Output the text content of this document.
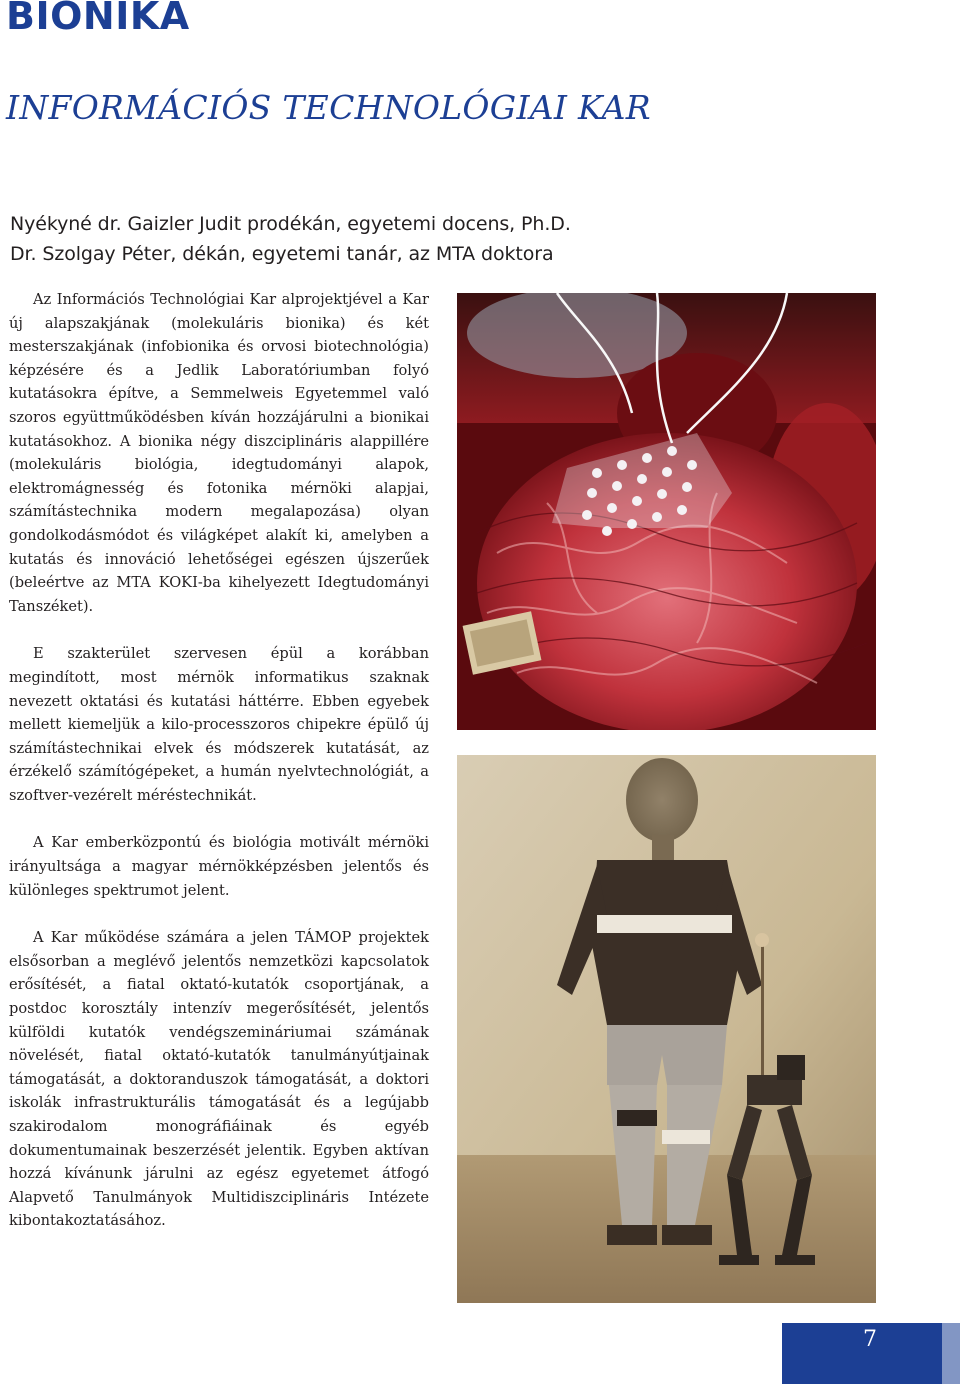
BIONIKA
INFORMÁCIÓS TECHNOLÓGIAI KAR
Nyékyné dr. Gaizler Judit prodékán, egyetemi docens, Ph.D.
Dr. Szolgay Péter, dékán, egyetemi tanár, az MTA doktora

Az Információs Technológiai Kar alprojektjével a Kar új alapszakjának (molekuláris bionika) és két mesterszakjának (infobionika és orvosi biotechnológia) képzésére és a Jedlik Laboratóriumban folyó kutatásokra építve, a Semmelweis Egyetemmel való szoros együttműködésben kíván hozzájárulni a bionikai kutatásokhoz. A bionika négy diszciplináris alappillére (molekuláris biológia, idegtudományi alapok, elektromágnesség és fotonika mérnöki alapjai, számítástechnika modern megalapozása) olyan gondolkodásmódot és világképet alakít ki, amelyben a kutatás és innováció lehetőségei egészen újszerűek (beleértve az MTA KOKI-ba kihelyezett Idegtudományi Tanszéket).

E szakterület szervesen épül a korábban megindított, most mérnök informatikus szaknak nevezett oktatási és kutatási háttérre. Ebben egyebek mellett kiemeljük a kilo-processzoros chipekre épülő új számítástechnikai elvek és módszerek kutatását, az érzékelő számítógépeket, a humán nyelvtechnológiát, a szoftver-vezérelt méréstechnikát.

A Kar emberközpontú és biológia motivált mérnöki irányultsága a magyar mérnökképzésben jelentős és különleges spektrumot jelent.

A Kar működése számára a jelen TÁMOP projektek elsősorban a meglévő jelentős nemzetközi kapcsolatok erősítését, a fiatal oktató-kutatók csoportjának, a postdoc korosztály intenzív megerősítését, jelentős külföldi kutatók vendégszemináriumai számának növelését, fiatal oktató-kutatók tanulmányútjainak támogatását, a doktoranduszok támogatását, a doktori iskolák infrastrukturális támogatását és a legújabb szakirodalom monográfiáinak és egyéb dokumentumainak beszerzését jelentik. Egyben aktívan hozzá kívánunk járulni az egész egyetemet átfogó Alapvető Tanulmányok Multidiszciplináris Intézete kibontakoztatásához.

7
